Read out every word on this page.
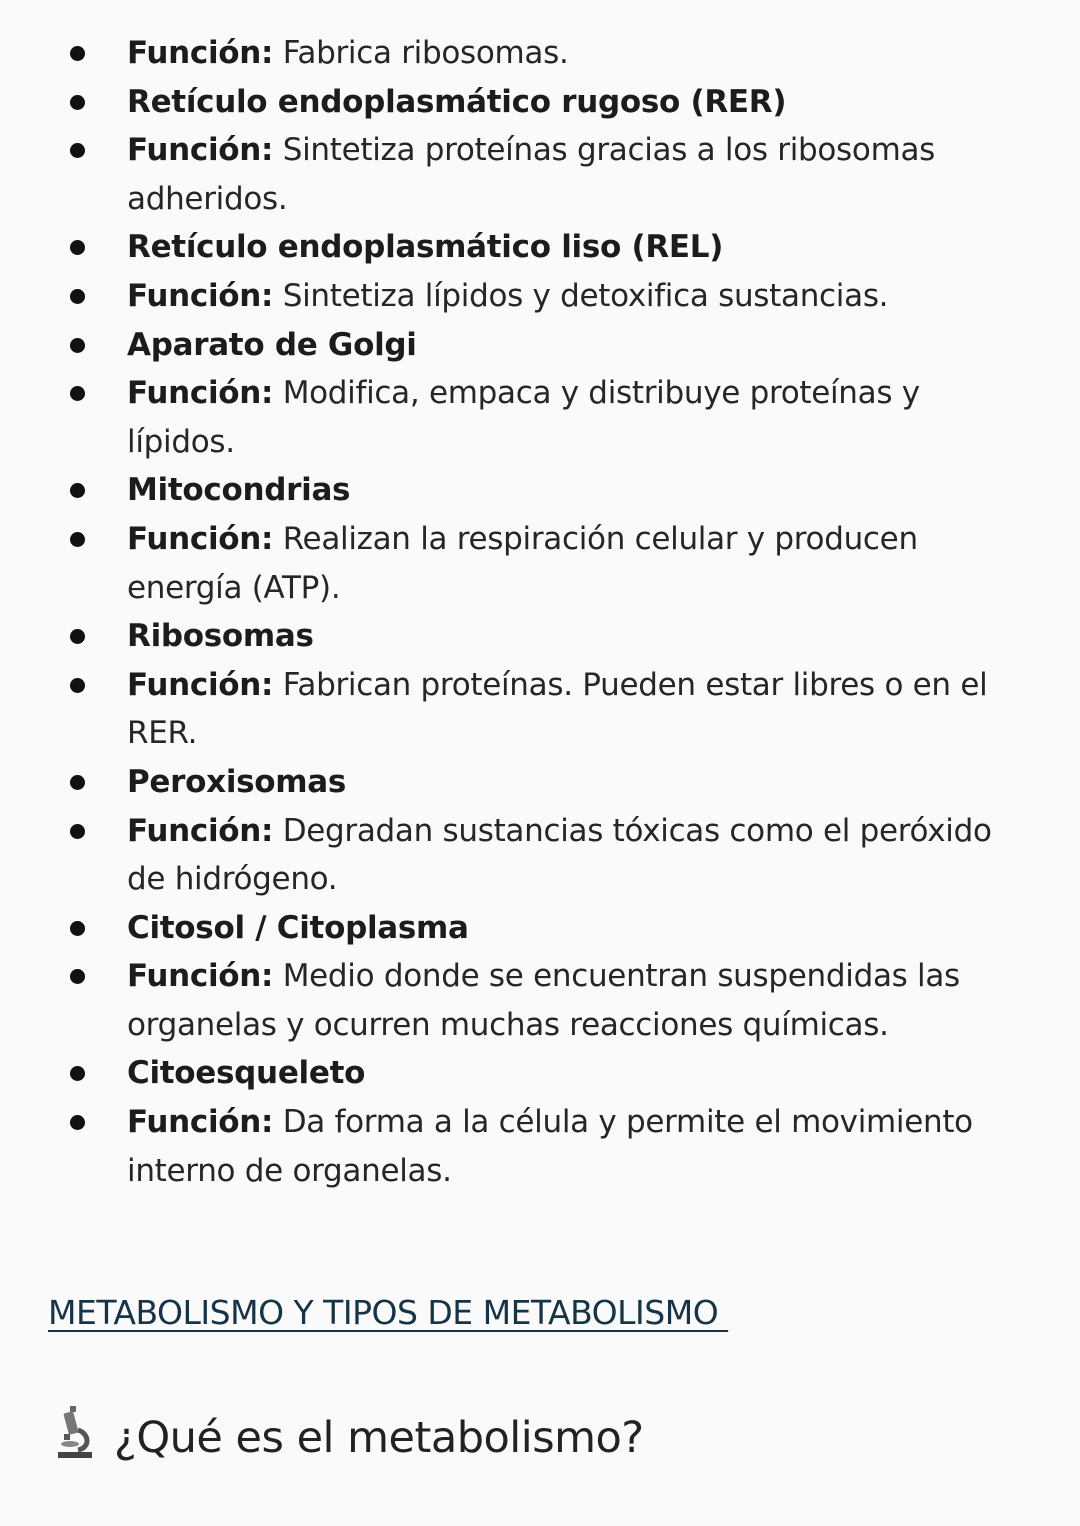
Función: Fabrica ribosomas.
Retículo endoplasmático rugoso (RER)
Función: Sintetiza proteínas gracias a los ribosomas adheridos.
Retículo endoplasmático liso (REL)
Función: Sintetiza lípidos y detoxifica sustancias.
Aparato de Golgi
Función: Modifica, empaca y distribuye proteínas y lípidos.
Mitocondrias
Función: Realizan la respiración celular y producen energía (ATP).
Ribosomas
Función: Fabrican proteínas. Pueden estar libres o en el RER.
Peroxisomas
Función: Degradan sustancias tóxicas como el peróxido de hidrógeno.
Citosol / Citoplasma
Función: Medio donde se encuentran suspendidas las organelas y ocurren muchas reacciones químicas.
Citoesqueleto
Función: Da forma a la célula y permite el movimiento interno de organelas.
METABOLISMO Y TIPOS DE METABOLISMO
¿Qué es el metabolismo?
